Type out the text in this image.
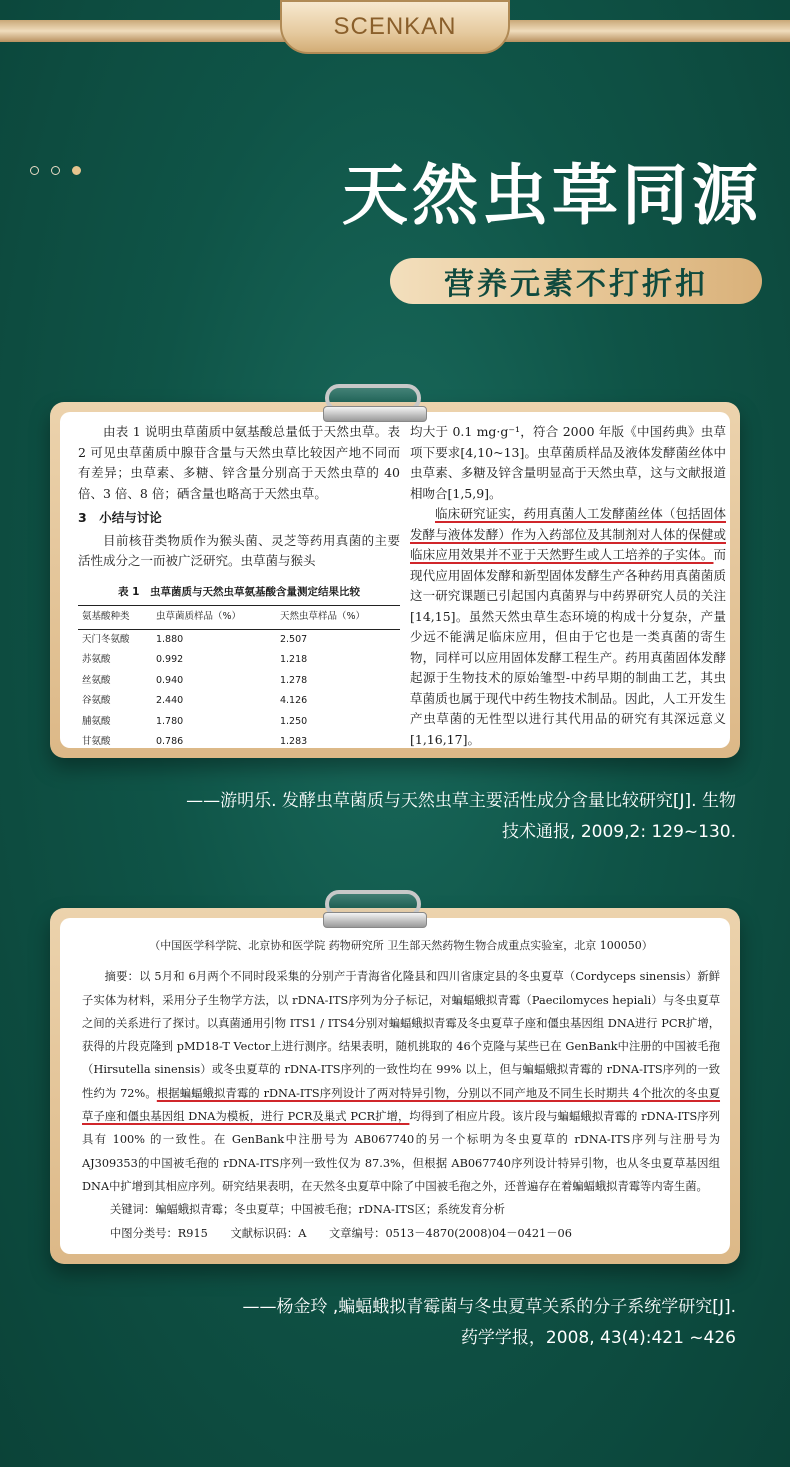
SCENKAN
天然虫草同源
营养元素不打折扣

由表 1 说明虫草菌质中氨基酸总量低于天然虫草。表 2 可见虫草菌质中腺苷含量与天然虫草比较因产地不同而有差异；虫草素、多糖、锌含量分别高于天然虫草的 40 倍、3 倍、8 倍；硒含量也略高于天然虫草。

3　小结与讨论

目前核苷类物质作为猴头菌、灵芝等药用真菌的主要活性成分之一而被广泛研究。虫草菌与猴头

表 1　虫草菌质与天然虫草氨基酸含量测定结果比较
氨基酸种类	虫草菌质样品（%）	天然虫草样品（%）
天门冬氨酸	1.880	2.507
苏氨酸	0.992	1.218
丝氨酸	0.940	1.278
谷氨酸	2.440	4.126
脯氨酸	1.780	1.250
甘氨酸	0.786	1.283

均大于 0.1 mg·g⁻¹，符合 2000 年版《中国药典》虫草项下要求[4,10~13]。虫草菌质样品及液体发酵菌丝体中虫草素、多糖及锌含量明显高于天然虫草，这与文献报道相吻合[1,5,9]。

临床研究证实，药用真菌人工发酵菌丝体（包括固体发酵与液体发酵）作为入药部位及其制剂对人体的保健或临床应用效果并不亚于天然野生或人工培养的子实体。而现代应用固体发酵和新型固体发酵生产各种药用真菌菌质这一研究课题已引起国内真菌界与中药界研究人员的关注[14,15]。虽然天然虫草生态环境的构成十分复杂，产量少远不能满足临床应用，但由于它也是一类真菌的寄生物，同样可以应用固体发酵工程生产。药用真菌固体发酵起源于生物技术的原始雏型-中药早期的制曲工艺，其虫草菌质也属于现代中药生物技术制品。因此，人工开发生产虫草菌的无性型以进行其代用品的研究有其深远意义[1,16,17]。

——游明乐. 发酵虫草菌质与天然虫草主要活性成分含量比较研究[J]. 生物
技术通报, 2009,2: 129~130.
（中国医学科学院、北京协和医学院 药物研究所 卫生部天然药物生物合成重点实验室，北京 100050）

摘要：以 5月和 6月两个不同时段采集的分别产于青海省化隆县和四川省康定县的冬虫夏草（Cordyceps sinensis）新鲜子实体为材料，采用分子生物学方法，以 rDNA-ITS序列为分子标记，对蝙蝠蛾拟青霉（Paecilomyces hepiali）与冬虫夏草之间的关系进行了探讨。以真菌通用引物 ITS1 / ITS4分别对蝙蝠蛾拟青霉及冬虫夏草子座和僵虫基因组 DNA进行 PCR扩增，获得的片段克隆到 pMD18-T Vector上进行测序。结果表明，随机挑取的 46个克隆与某些已在 GenBank中注册的中国被毛孢（Hirsutella sinensis）或冬虫夏草的 rDNA-ITS序列的一致性均在 99% 以上，但与蝙蝠蛾拟青霉的 rDNA-ITS序列的一致性约为 72%。根据蝙蝠蛾拟青霉的 rDNA-ITS序列设计了两对特异引物，分别以不同产地及不同生长时期共 4个批次的冬虫夏草子座和僵虫基因组 DNA为模板，进行 PCR及巢式 PCR扩增，均得到了相应片段。该片段与蝙蝠蛾拟青霉的 rDNA-ITS序列具有 100% 的一致性。在 GenBank中注册号为 AB067740的另一个标明为冬虫夏草的 rDNA-ITS序列与注册号为 AJ309353的中国被毛孢的 rDNA-ITS序列一致性仅为 87.3%，但根据 AB067740序列设计特异引物，也从冬虫夏草基因组 DNA中扩增到其相应序列。研究结果表明，在天然冬虫夏草中除了中国被毛孢之外，还普遍存在着蝙蝠蛾拟青霉等内寄生菌。

关键词：蝙蝠蛾拟青霉；冬虫夏草；中国被毛孢；rDNA-ITS区；系统发育分析

中图分类号：R915　　文献标识码：A　　文章编号：0513－4870(2008)04－0421－06

——杨金玲 ,蝙蝠蛾拟青霉菌与冬虫夏草关系的分子系统学研究[J].
药学学报，2008, 43(4):421 ~426
